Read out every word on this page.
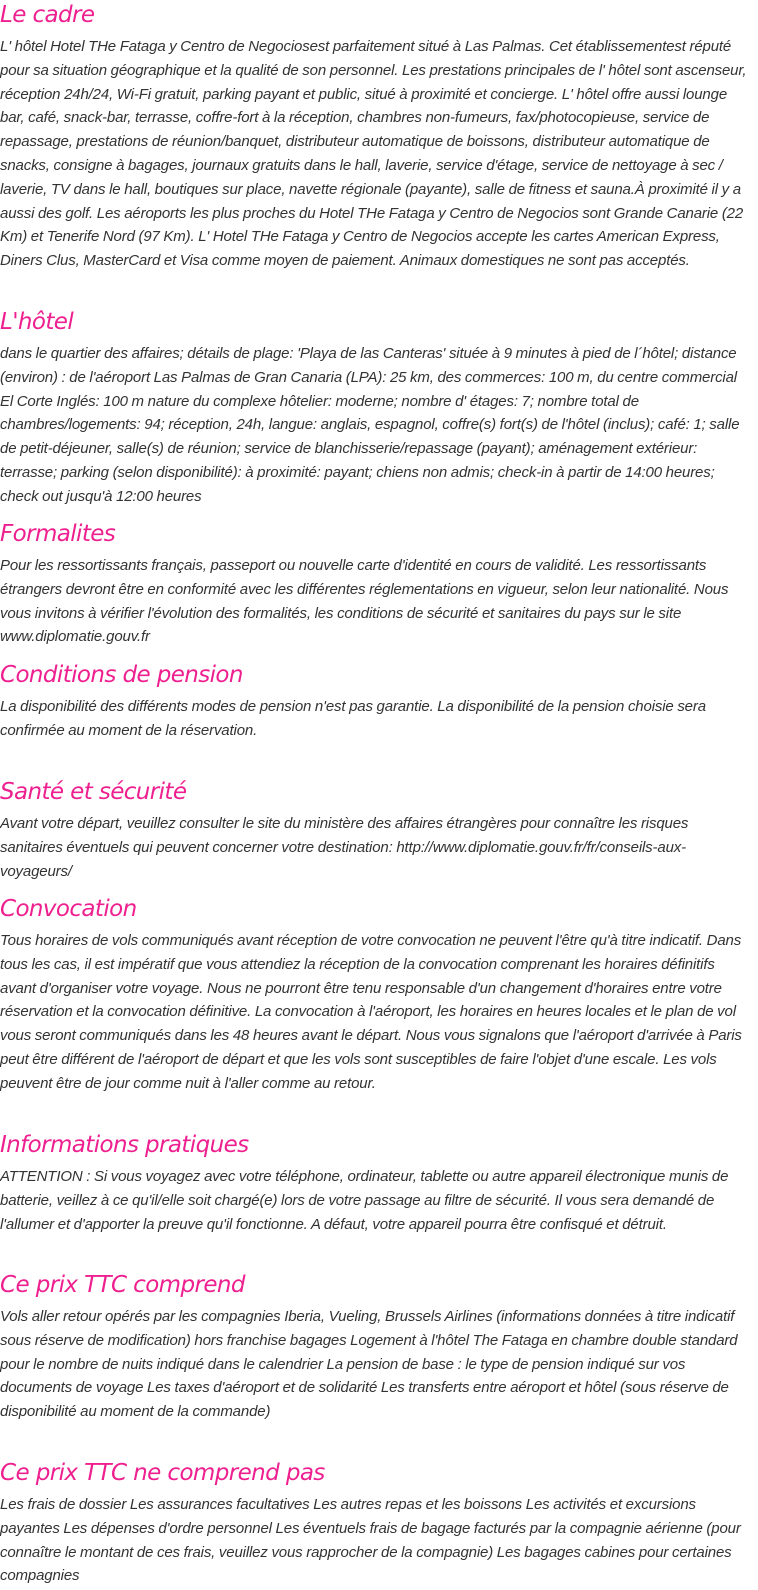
Le cadre

L' hôtel Hotel THe Fataga y Centro de Negociosest parfaitement situé à Las Palmas. Cet établissementest réputé pour sa situation géographique et la qualité de son personnel. Les prestations principales de l' hôtel sont ascenseur, réception 24h/24, Wi-Fi gratuit, parking payant et public, situé à proximité et concierge. L' hôtel offre aussi lounge bar, café, snack-bar, terrasse, coffre-fort à la réception, chambres non-fumeurs, fax/photocopieuse, service de repassage, prestations de réunion/banquet, distributeur automatique de boissons, distributeur automatique de snacks, consigne à bagages, journaux gratuits dans le hall, laverie, service d'étage, service de nettoyage à sec / laverie, TV dans le hall, boutiques sur place, navette régionale (payante), salle de fitness et sauna.À proximité il y a aussi des golf. Les aéroports les plus proches du Hotel THe Fataga y Centro de Negocios sont Grande Canarie (22 Km) et Tenerife Nord (97 Km). L' Hotel THe Fataga y Centro de Negocios accepte les cartes American Express, Diners Clus, MasterCard et Visa comme moyen de paiement. Animaux domestiques ne sont pas acceptés.

L'hôtel

dans le quartier des affaires; détails de plage: 'Playa de las Canteras' située à 9 minutes à pied de l´hôtel; distance (environ) : de l'aéroport Las Palmas de Gran Canaria (LPA): 25 km, des commerces: 100 m, du centre commercial El Corte Inglés: 100 m nature du complexe hôtelier: moderne; nombre d' étages: 7; nombre total de chambres/logements: 94; réception, 24h, langue: anglais, espagnol, coffre(s) fort(s) de l'hôtel (inclus); café: 1; salle de petit-déjeuner, salle(s) de réunion; service de blanchisserie/repassage (payant); aménagement extérieur: terrasse; parking (selon disponibilité): à proximité: payant; chiens non admis; check-in à partir de 14:00 heures; check out jusqu'à 12:00 heures

Formalites

Pour les ressortissants français, passeport ou nouvelle carte d'identité en cours de validité. Les ressortissants étrangers devront être en conformité avec les différentes réglementations en vigueur, selon leur nationalité. Nous vous invitons à vérifier l'évolution des formalités, les conditions de sécurité et sanitaires du pays sur le site www.diplomatie.gouv.fr

Conditions de pension

La disponibilité des différents modes de pension n'est pas garantie. La disponibilité de la pension choisie sera confirmée au moment de la réservation.

Santé et sécurité

Avant votre départ, veuillez consulter le site du ministère des affaires étrangères pour connaître les risques sanitaires éventuels qui peuvent concerner votre destination: http://www.diplomatie.gouv.fr/fr/conseils-aux-voyageurs/

Convocation

Tous horaires de vols communiqués avant réception de votre convocation ne peuvent l'être qu'à titre indicatif. Dans tous les cas, il est impératif que vous attendiez la réception de la convocation comprenant les horaires définitifs avant d'organiser votre voyage. Nous ne pourront être tenu responsable d'un changement d'horaires entre votre réservation et la convocation définitive. La convocation à l'aéroport, les horaires en heures locales et le plan de vol vous seront communiqués dans les 48 heures avant le départ. Nous vous signalons que l'aéroport d'arrivée à Paris peut être différent de l'aéroport de départ et que les vols sont susceptibles de faire l'objet d'une escale. Les vols peuvent être de jour comme nuit à l'aller comme au retour.

Informations pratiques

ATTENTION : Si vous voyagez avec votre téléphone, ordinateur, tablette ou autre appareil électronique munis de batterie, veillez à ce qu'il/elle soit chargé(e) lors de votre passage au filtre de sécurité. Il vous sera demandé de l'allumer et d'apporter la preuve qu'il fonctionne. A défaut, votre appareil pourra être confisqué et détruit.

Ce prix TTC comprend

Vols aller retour opérés par les compagnies Iberia, Vueling, Brussels Airlines (informations données à titre indicatif sous réserve de modification) hors franchise bagages Logement à l'hôtel The Fataga en chambre double standard pour le nombre de nuits indiqué dans le calendrier La pension de base : le type de pension indiqué sur vos documents de voyage Les taxes d'aéroport et de solidarité Les transferts entre aéroport et hôtel (sous réserve de disponibilité au moment de la commande)

Ce prix TTC ne comprend pas

Les frais de dossier Les assurances facultatives Les autres repas et les boissons Les activités et excursions payantes Les dépenses d'ordre personnel Les éventuels frais de bagage facturés par la compagnie aérienne (pour connaître le montant de ces frais, veuillez vous rapprocher de la compagnie) Les bagages cabines pour certaines compagnies
